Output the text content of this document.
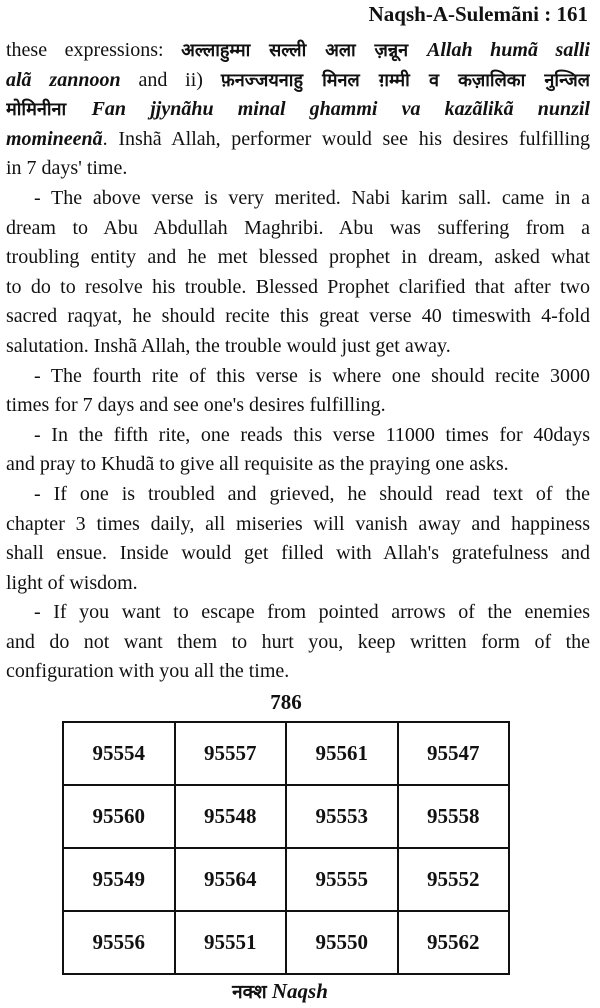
Naqsh-A-Sulemãni : 161
these expressions: अल्लाहुम्मा सल्ली अला ज़न्नून Allah humã salli
alã zannoon and ii) फ़नज्जयनाहु मिनल ग़म्मी व कज़ालिका नुन्जिल
मोमिनीना Fan jjynãhu minal ghammi va kazãlikã nunzil
momineenã. Inshã Allah, performer would see his desires fulfilling
in 7 days' time.
- The above verse is very merited. Nabi karim sall. came in a
dream to Abu Abdullah Maghribi. Abu was suffering from a
troubling entity and he met blessed prophet in dream, asked what
to do to resolve his trouble. Blessed Prophet clarified that after two
sacred raqyat, he should recite this great verse 40 timeswith 4-fold
salutation. Inshã Allah, the trouble would just get away.
- The fourth rite of this verse is where one should recite 3000
times for 7 days and see one's desires fulfilling.
- In the fifth rite, one reads this verse 11000 times for 40days
and pray to Khudã to give all requisite as the praying one asks.
- If one is troubled and grieved, he should read text of the
chapter 3 times daily, all miseries will vanish away and happiness
shall ensue. Inside would get filled with Allah's gratefulness and
light of wisdom.
- If you want to escape from pointed arrows of the enemies
and do not want them to hurt you, keep written form of the
configuration with you all the time.
786
95554	95557	95561	95547
95560	95548	95553	95558
95549	95564	95555	95552
95556	95551	95550	95562
नक्श Naqsh
